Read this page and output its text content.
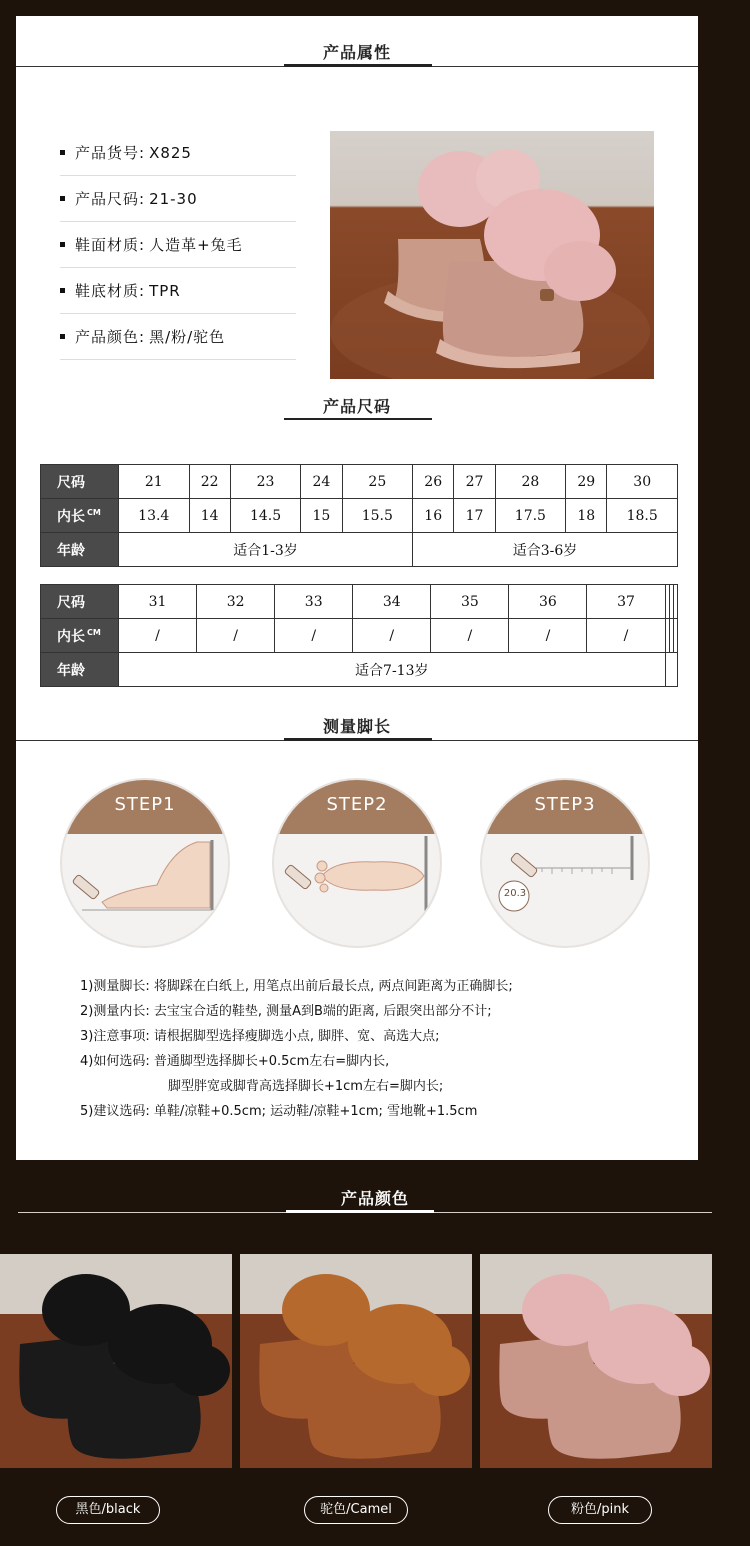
产品属性
产品货号: X825
产品尺码: 21-30
鞋面材质: 人造革+兔毛
鞋底材质: TPR
产品颜色: 黑/粉/驼色
产品尺码
尺码	21	22	23	24	25	26	27	28	29	30
内长 $^{CM}$	13.4	14	14.5	15	15.5	16	17	17.5	18	18.5
年龄	适合1-3岁					适合3-6岁				
尺码	31	32	33	34	35	36	37			
内长 $^{CM}$	/	/	/	/	/	/	/			
年龄	适合7-13岁									
测量脚长
STEP1	STEP2	STEP3
20.3
1)测量脚长: 将脚踩在白纸上, 用笔点出前后最长点, 两点间距离为正确脚长;
2)测量内长: 去宝宝合适的鞋垫, 测量A到B端的距离, 后跟突出部分不计;
3)注意事项: 请根据脚型选择瘦脚选小点, 脚胖、宽、高选大点;
4)如何选码: 普通脚型选择脚长+0.5cm左右=脚内长,
脚型胖宽或脚背高选择脚长+1cm左右=脚内长;
5)建议选码: 单鞋/凉鞋+0.5cm; 运动鞋/凉鞋+1cm; 雪地靴+1.5cm
产品颜色
黑色/black	驼色/Camel	粉色/pink
